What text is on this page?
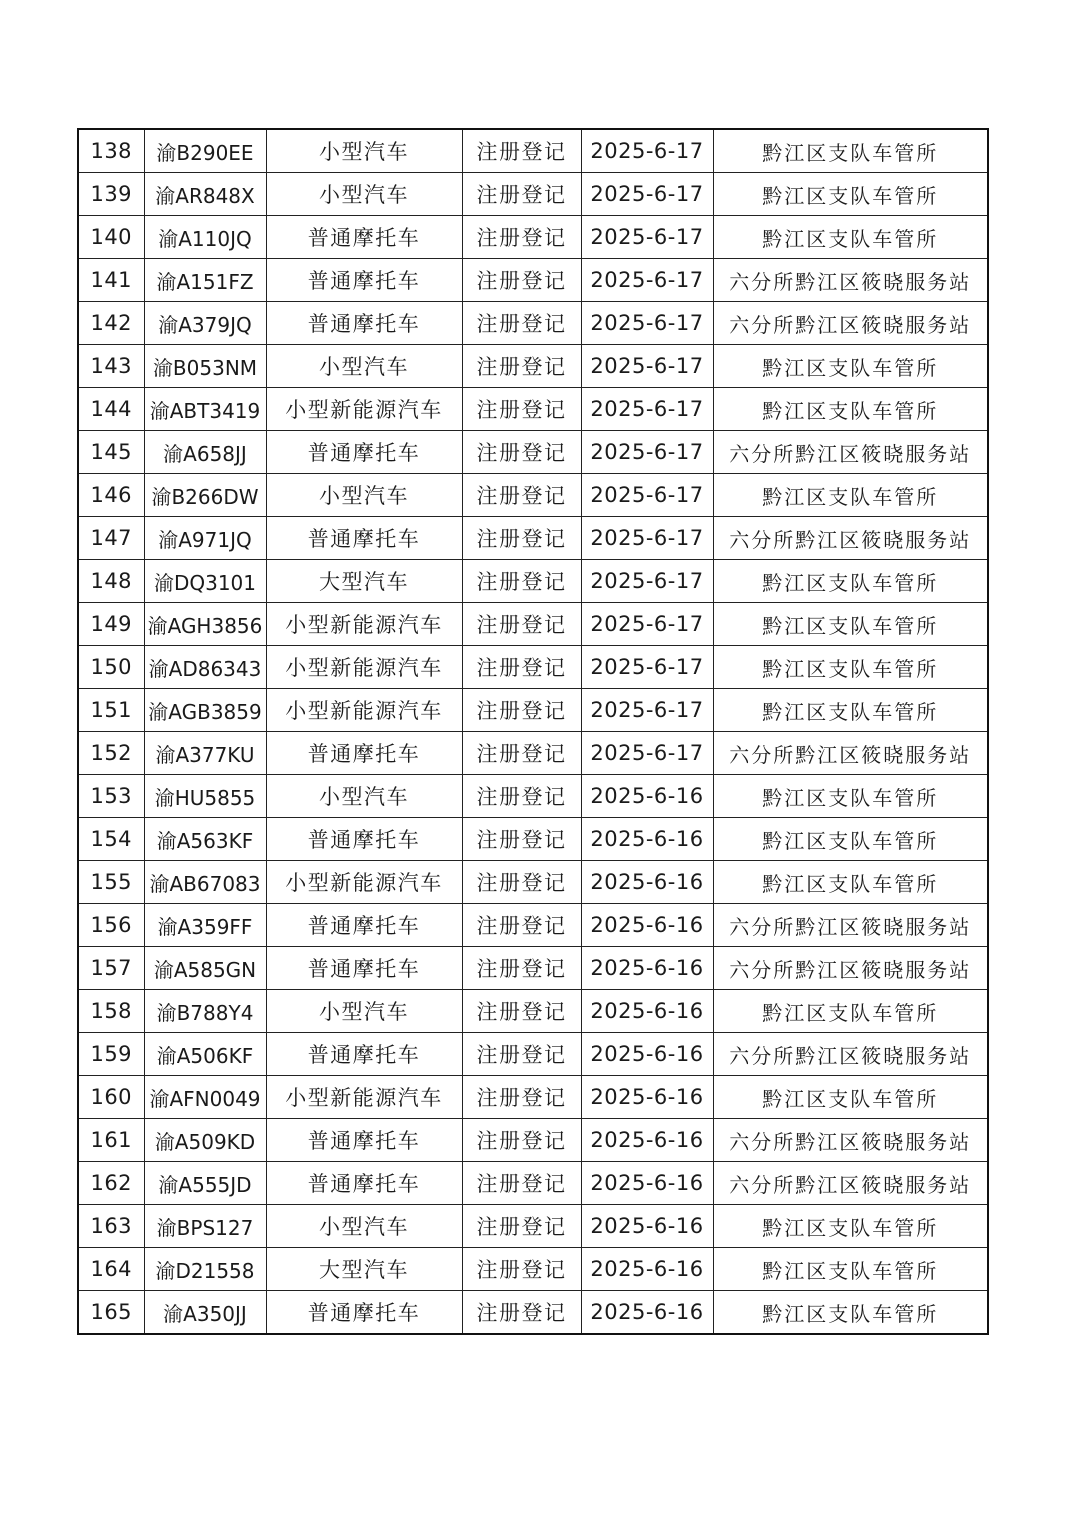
138	渝B290EE	小型汽车	注册登记	2025-6-17	黔江区支队车管所
139	渝AR848X	小型汽车	注册登记	2025-6-17	黔江区支队车管所
140	渝A110JQ	普通摩托车	注册登记	2025-6-17	黔江区支队车管所
141	渝A151FZ	普通摩托车	注册登记	2025-6-17	六分所黔江区筱晓服务站
142	渝A379JQ	普通摩托车	注册登记	2025-6-17	六分所黔江区筱晓服务站
143	渝B053NM	小型汽车	注册登记	2025-6-17	黔江区支队车管所
144	渝ABT3419	小型新能源汽车	注册登记	2025-6-17	黔江区支队车管所
145	渝A658JJ	普通摩托车	注册登记	2025-6-17	六分所黔江区筱晓服务站
146	渝B266DW	小型汽车	注册登记	2025-6-17	黔江区支队车管所
147	渝A971JQ	普通摩托车	注册登记	2025-6-17	六分所黔江区筱晓服务站
148	渝DQ3101	大型汽车	注册登记	2025-6-17	黔江区支队车管所
149	渝AGH3856	小型新能源汽车	注册登记	2025-6-17	黔江区支队车管所
150	渝AD86343	小型新能源汽车	注册登记	2025-6-17	黔江区支队车管所
151	渝AGB3859	小型新能源汽车	注册登记	2025-6-17	黔江区支队车管所
152	渝A377KU	普通摩托车	注册登记	2025-6-17	六分所黔江区筱晓服务站
153	渝HU5855	小型汽车	注册登记	2025-6-16	黔江区支队车管所
154	渝A563KF	普通摩托车	注册登记	2025-6-16	黔江区支队车管所
155	渝AB67083	小型新能源汽车	注册登记	2025-6-16	黔江区支队车管所
156	渝A359FF	普通摩托车	注册登记	2025-6-16	六分所黔江区筱晓服务站
157	渝A585GN	普通摩托车	注册登记	2025-6-16	六分所黔江区筱晓服务站
158	渝B788Y4	小型汽车	注册登记	2025-6-16	黔江区支队车管所
159	渝A506KF	普通摩托车	注册登记	2025-6-16	六分所黔江区筱晓服务站
160	渝AFN0049	小型新能源汽车	注册登记	2025-6-16	黔江区支队车管所
161	渝A509KD	普通摩托车	注册登记	2025-6-16	六分所黔江区筱晓服务站
162	渝A555JD	普通摩托车	注册登记	2025-6-16	六分所黔江区筱晓服务站
163	渝BPS127	小型汽车	注册登记	2025-6-16	黔江区支队车管所
164	渝D21558	大型汽车	注册登记	2025-6-16	黔江区支队车管所
165	渝A350JJ	普通摩托车	注册登记	2025-6-16	黔江区支队车管所
